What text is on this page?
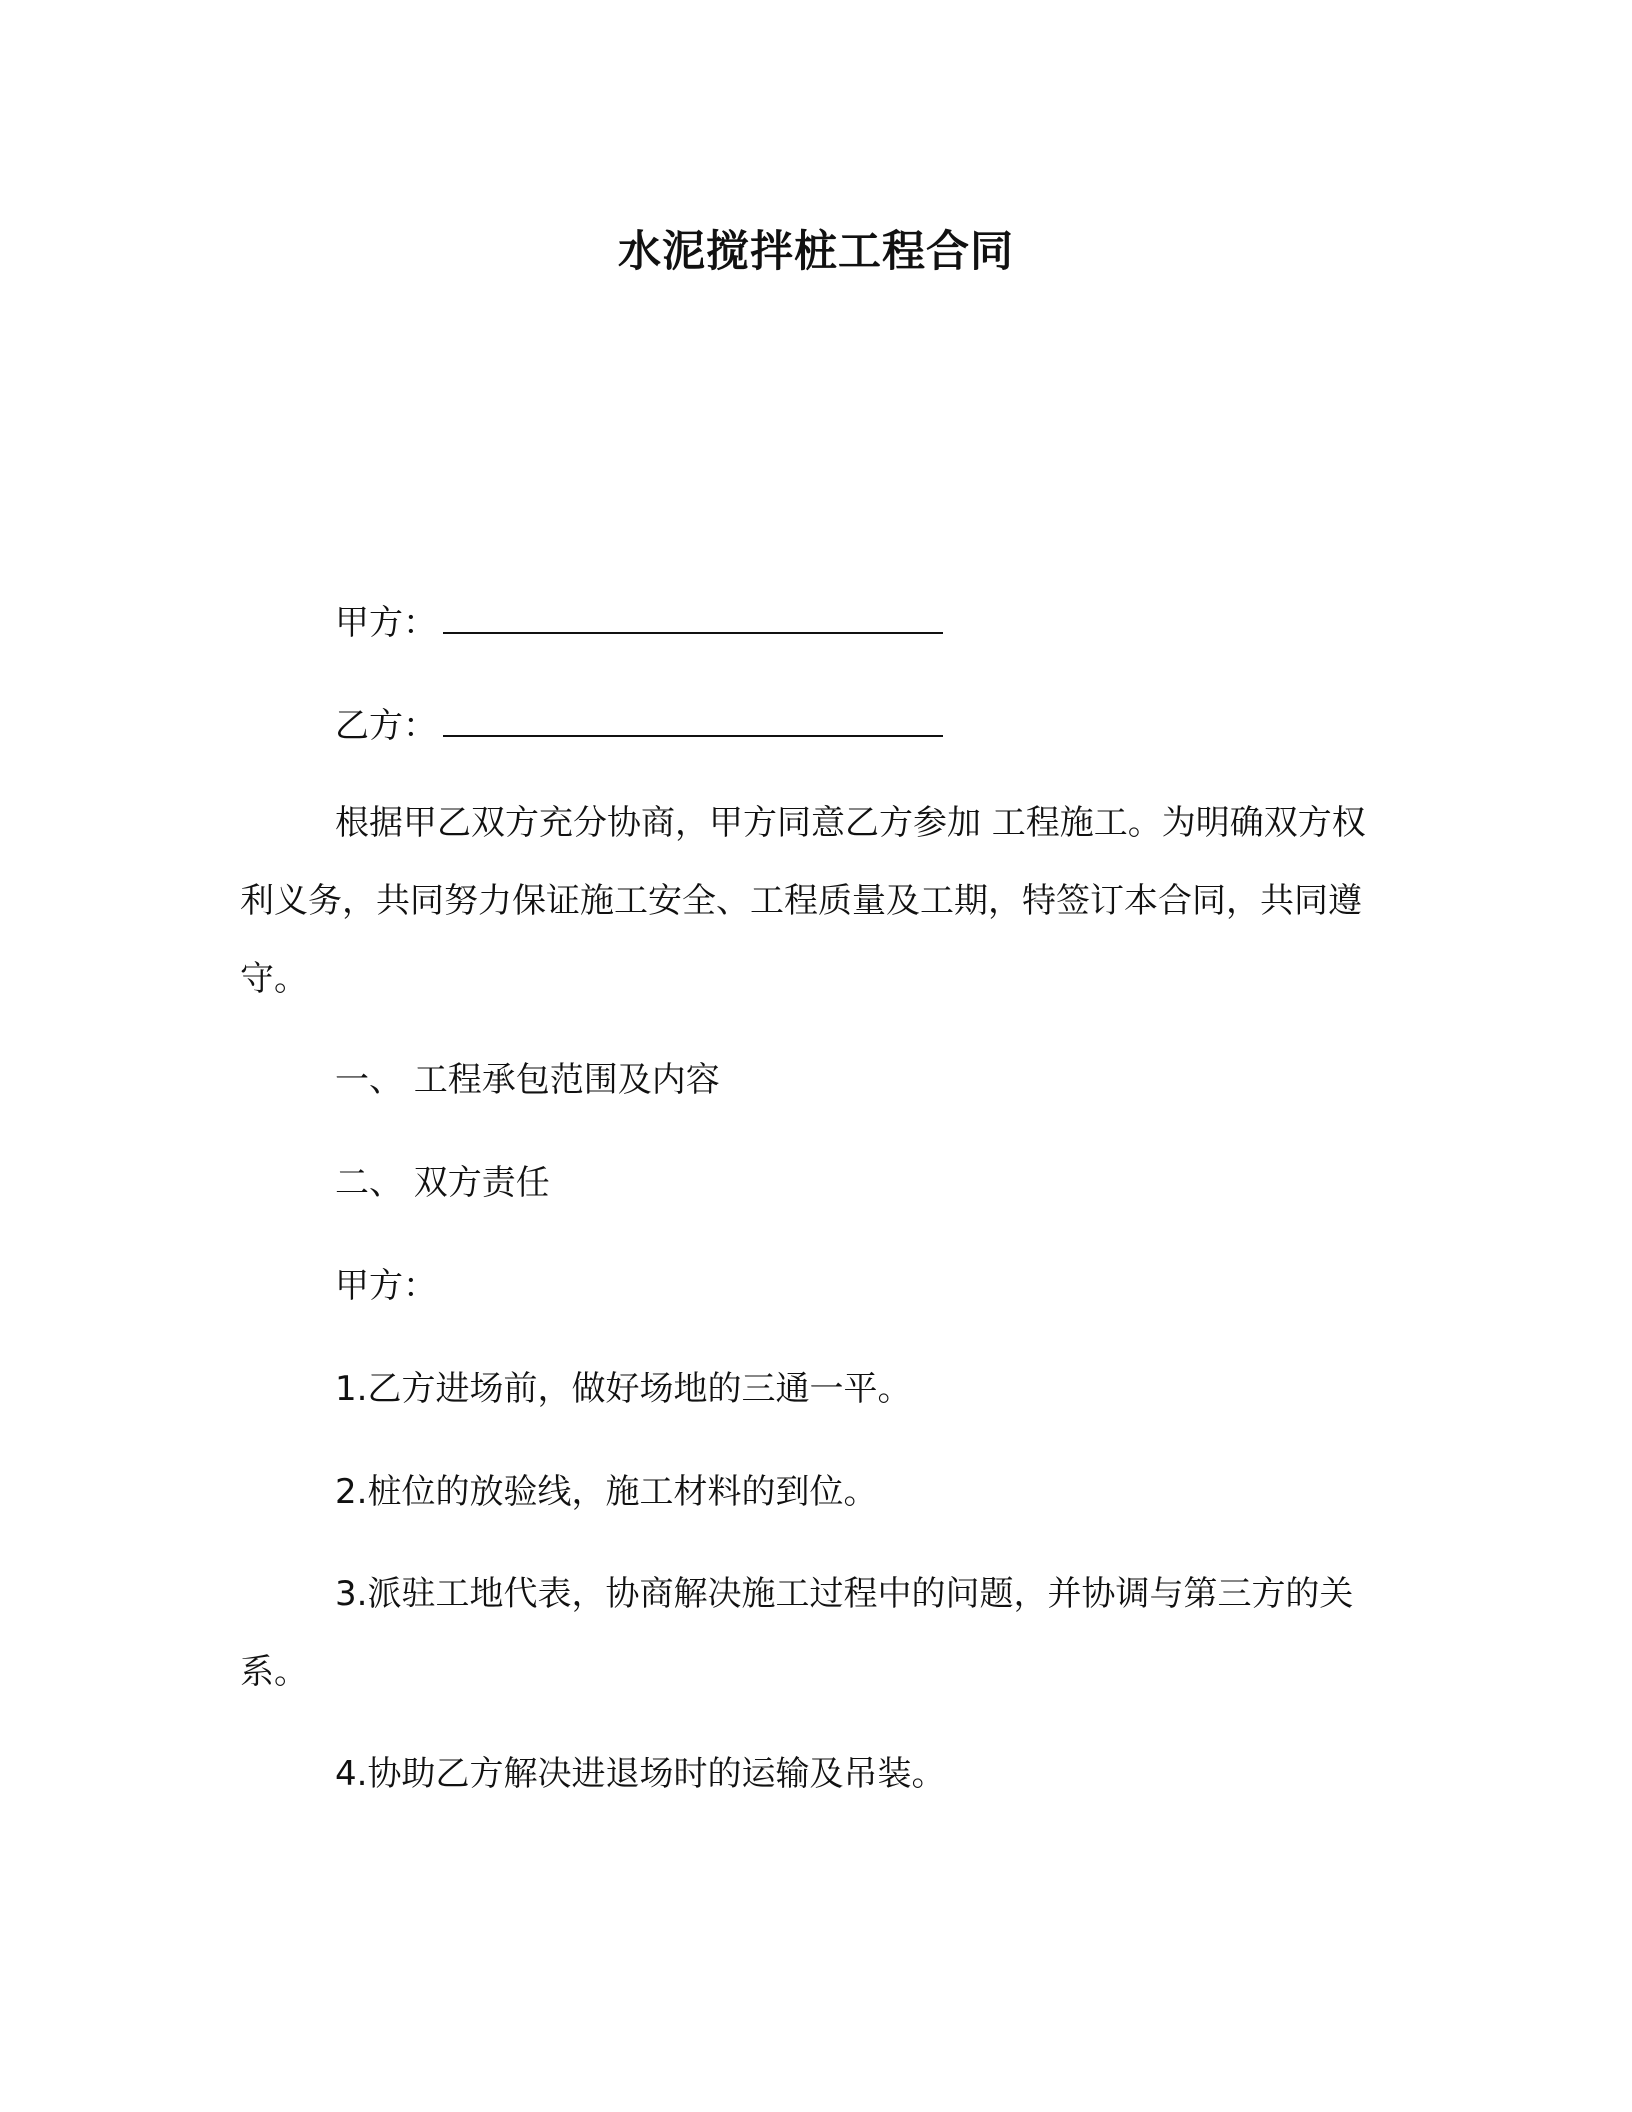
水泥搅拌桩工程合同
甲方：
乙方：
根据甲乙双方充分协商，甲方同意乙方参加 工程施工。为明确双方权利义务，共同努力保证施工安全、工程质量及工期，特签订本合同，共同遵守。
一、 工程承包范围及内容
二、 双方责任
甲方：
1.乙方进场前，做好场地的三通一平。
2.桩位的放验线，施工材料的到位。
3.派驻工地代表，协商解决施工过程中的问题，并协调与第三方的关系。
4.协助乙方解决进退场时的运输及吊装。
